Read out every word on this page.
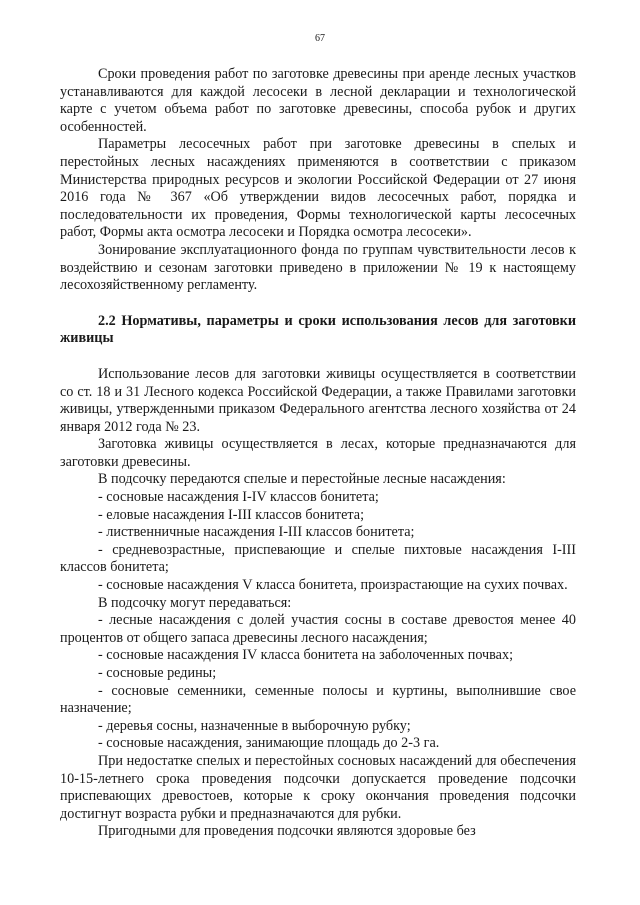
67

Сроки проведения работ по заготовке древесины при аренде лесных участков устанавливаются для каждой лесосеки в лесной декларации и технологической карте с учетом объема работ по заготовке древесины, способа рубок и других особенностей.

Параметры лесосечных работ при заготовке древесины в спелых и перестойных лесных насаждениях применяются в соответствии с приказом Министерства природных ресурсов и экологии Российской Федерации от 27 июня 2016 года № 367 «Об утверждении видов лесосечных работ, порядка и последовательности их проведения, Формы технологической карты лесосечных работ, Формы акта осмотра лесосеки и Порядка осмотра лесосеки».

Зонирование эксплуатационного фонда по группам чувствительности лесов к воздействию и сезонам заготовки приведено в приложении № 19 к настоящему лесохозяйственному регламенту.

2.2 Нормативы, параметры и сроки использования лесов для заготовки живицы

Использование лесов для заготовки живицы осуществляется в соответствии со ст. 18 и 31 Лесного кодекса Российской Федерации, а также Правилами заготовки живицы, утвержденными приказом Федерального агентства лесного хозяйства от 24 января 2012 года № 23.

Заготовка живицы осуществляется в лесах, которые предназначаются для заготовки древесины.

В подсочку передаются спелые и перестойные лесные насаждения:

- сосновые насаждения I-IV классов бонитета;

- еловые насаждения I-III классов бонитета;

- лиственничные насаждения I-III классов бонитета;

- средневозрастные, приспевающие и спелые пихтовые насаждения I-III классов бонитета;

- сосновые насаждения V класса бонитета, произрастающие на сухих почвах.

В подсочку могут передаваться:

- лесные насаждения с долей участия сосны в составе древостоя менее 40 процентов от общего запаса древесины лесного насаждения;

- сосновые насаждения IV класса бонитета на заболоченных почвах;

- сосновые редины;

- сосновые семенники, семенные полосы и куртины, выполнившие свое назначение;

- деревья сосны, назначенные в выборочную рубку;

- сосновые насаждения, занимающие площадь до 2-3 га.

При недостатке спелых и перестойных сосновых насаждений для обеспечения 10-15-летнего срока проведения подсочки допускается проведение подсочки приспевающих древостоев, которые к сроку окончания проведения подсочки достигнут возраста рубки и предназначаются для рубки.

Пригодными для проведения подсочки являются здоровые без
